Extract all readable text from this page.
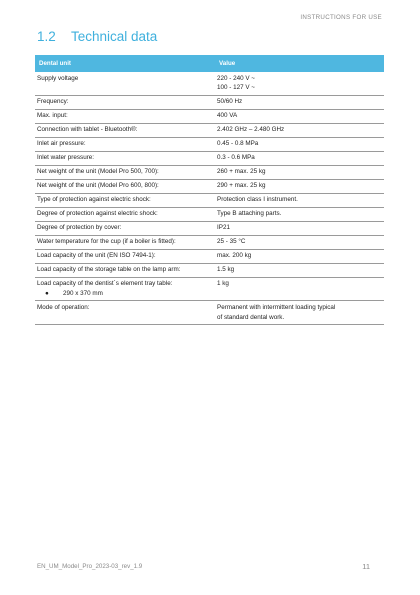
INSTRUCTIONS FOR USE
1.2	Technical data
Dental unit	Value

Supply voltage	220 - 240 V ~
100 - 127 V ~

Frequency:	50/60 Hz

Max. input:	400 VA

Connection with tablet - Bluetooth®:	2.402 GHz – 2.480 GHz

Inlet air pressure:	0.45 - 0.8 MPa

Inlet water pressure:	0.3 - 0.6 MPa

Net weight of the unit (Model Pro 500, 700):	260 + max. 25 kg

Net weight of the unit (Model Pro 600, 800):	290 + max. 25 kg

Type of protection against electric shock:	Protection class I instrument.

Degree of protection against electric shock:	Type B attaching parts.

Degree of protection by cover:	IP21

Water temperature for the cup (if a boiler is fitted):	25 - 35 °C

Load capacity of the unit (EN ISO 7494-1):	max. 200 kg

Load capacity of the storage table on the lamp arm:	1.5 kg

Load capacity of the dentist´s element tray table:
● 290 x 370 mm	1 kg

Mode of operation:	Permanent with intermittent loading typical
of standard dental work.
EN_UM_Model_Pro_2023-03_rev_1.9	11
